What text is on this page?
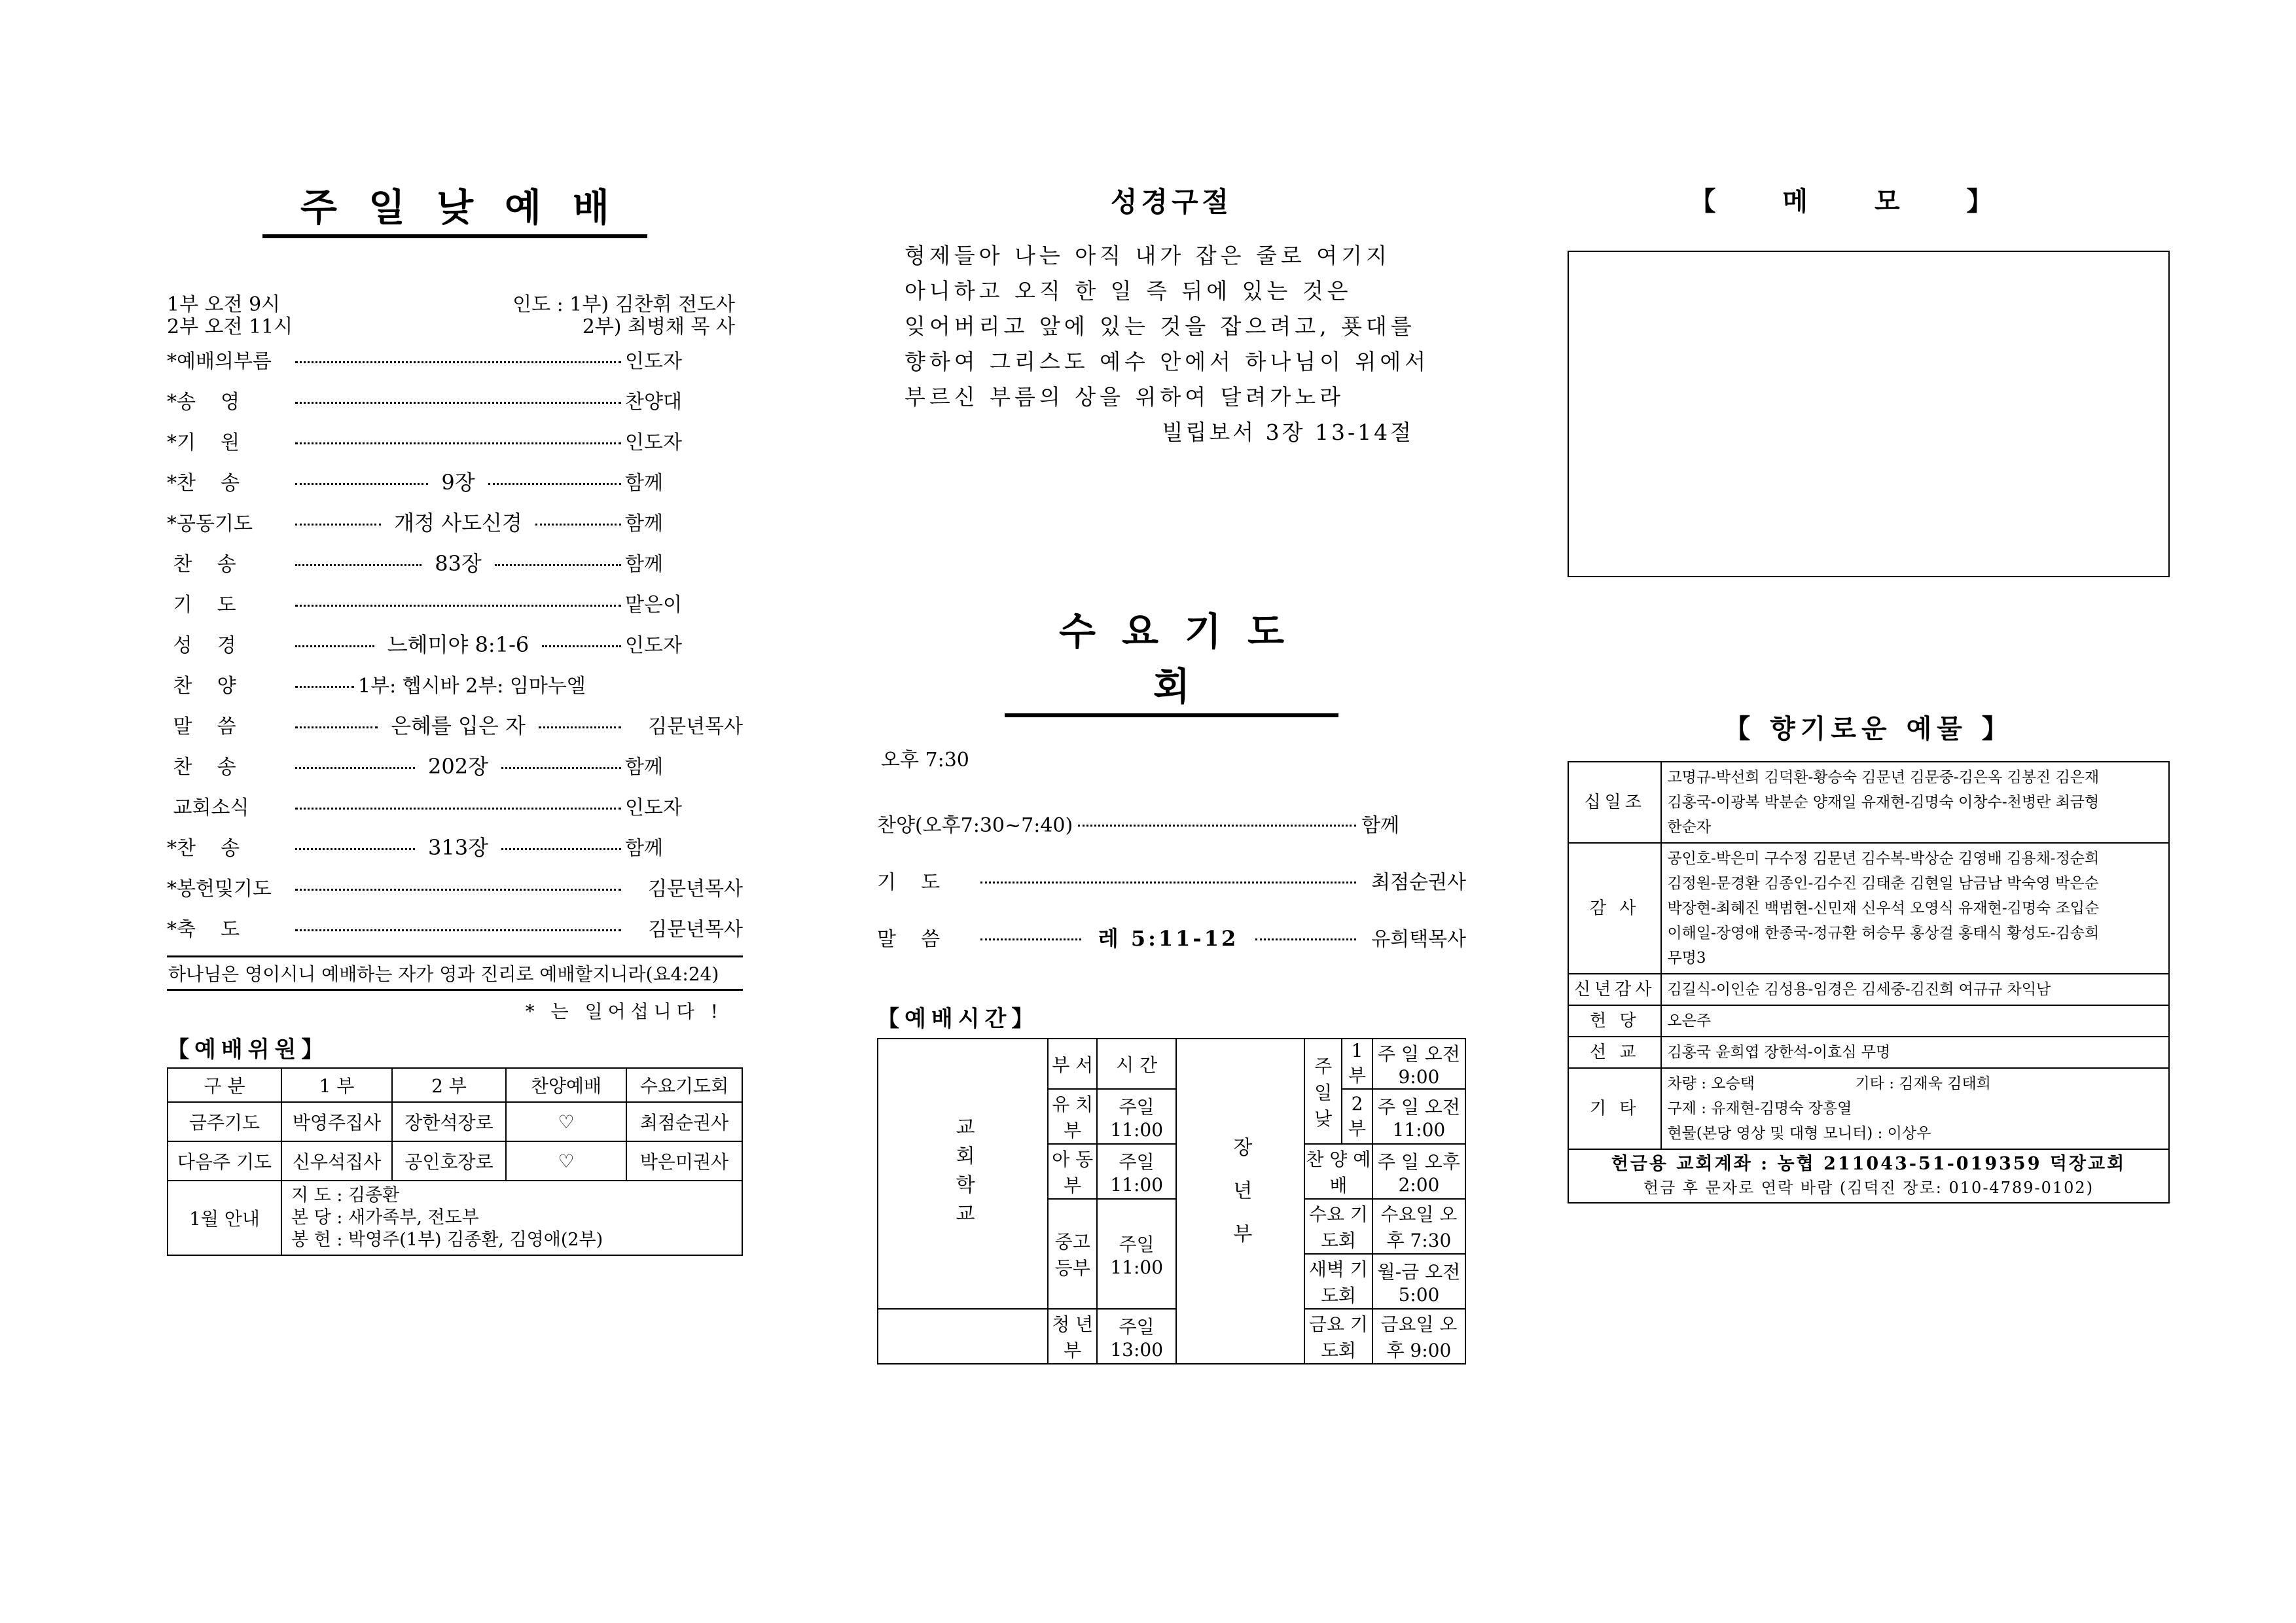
주일낮예배
1부 오전 9시
2부 오전 11시
인도 : 1부) 김찬휘 전도사
2부) 최병채 목 사
*예배의부름	인도자
*송    영	찬양대
*기    원	인도자
*찬    송	9장	함께
*공동기도	개정 사도신경	함께
찬    송	83장	함께
기    도	맡은이
성    경	느헤미야 8:1-6	인도자
찬    양	1부: 헵시바 2부: 임마누엘
말    씀	은혜를 입은 자	김문년목사
찬    송	202장	함께
교회소식	인도자
*찬    송	313장	함께
*봉헌및기도	김문년목사
*축    도	김문년목사
하나님은 영이시니 예배하는 자가 영과 진리로 예배할지니라(요4:24)
* 는 일어섭니다 !
【예배위원】
구 분	1 부	2 부	찬양예배	수요기도회
금주기도	박영주집사	장한석장로	♡	최점순권사
다음주 기도	신우석집사	공인호장로	♡	박은미권사
1월 안내	지 도 : 김종환
본 당 : 새가족부, 전도부
봉 헌 : 박영주(1부) 김종환, 김영애(2부)			
성경구절
형제들아 나는 아직 내가 잡은 줄로 여기지
아니하고 오직 한 일 즉 뒤에 있는 것은
잊어버리고 앞에 있는 것을 잡으려고, 푯대를
향하여 그리스도 예수 안에서 하나님이 위에서
부르신 부름의 상을 위하여 달려가노라
빌립보서 3장 13-14절
수요기도회
오후 7:30
찬양(오후7:30~7:40)	함께
기    도	최점순권사
말    씀	레 5:11-12	유희택목사
【예배시간】
교회학교	부 서	시 간	장년부	주일 낮	1 부	주 일 오전 9:00
	유 치 부	주일 11:00			2 부	주 일 오전 11:00
	아 동 부	주일 11:00		찬 양 예 배		주 일 오후 2:00
	중고등부	주일 11:00		수요 기도회		수요일 오후 7:30
				새벽 기도회		월-금 오전 5:00
	청 년 부	주일 13:00		금요 기도회		금요일 오후 9:00
【 메 모 】
【 향기로운 예물 】
십일조	고명규-박선희 김덕환-황승숙 김문년 김문중-김은옥 김봉진 김은재
김홍국-이광복 박분순 양재일 유재현-김명숙 이창수-천병란 최금형
한순자

감 사	공인호-박은미 구수정 김문년 김수복-박상순 김영배 김용채-정순희
김정원-문경환 김종인-김수진 김태춘 김현일 남금남 박숙영 박은순
박장현-최혜진 백범현-신민재 신우석 오영식 유재현-김명숙 조입순
이해일-장영애 한종국-정규환 허승무 홍상걸 홍태식 황성도-김송희
무명3

신년감사	김길식-이인순 김성용-임경은 김세중-김진희 여규규 차익남

헌 당	오은주

선 교	김홍국 윤희엽 장한석-이효심 무명

기 타	차량 : 오승택                     기타 : 김재욱 김태희
구제 : 유재현-김명숙 장흥열
현물(본당 영상 및 대형 모니터) : 이상우

헌금용 교회계좌 : 농협 211043-51-019359 덕장교회
헌금 후 문자로 연락 바람 (김덕진 장로: 010-4789-0102)	
